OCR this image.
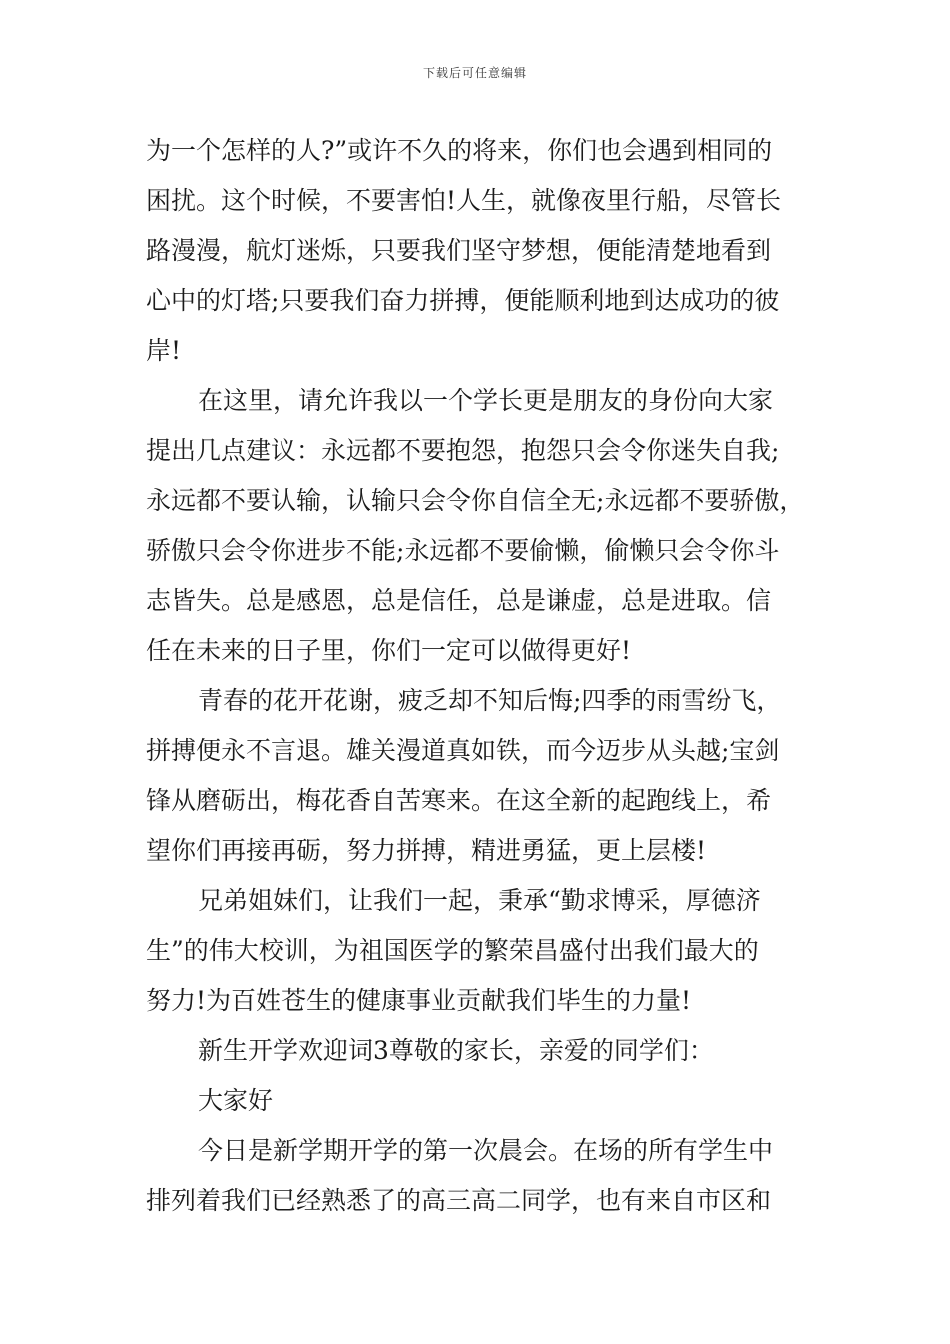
下载后可任意编辑
为一个怎样的人?”或许不久的将来，你们也会遇到相同的
困扰。这个时候，不要害怕!人生，就像夜里行船，尽管长
路漫漫，航灯迷烁，只要我们坚守梦想，便能清楚地看到
心中的灯塔;只要我们奋力拼搏，便能顺利地到达成功的彼
岸!
在这里，请允许我以一个学长更是朋友的身份向大家
提出几点建议：永远都不要抱怨，抱怨只会令你迷失自我;
永远都不要认输，认输只会令你自信全无;永远都不要骄傲，
骄傲只会令你进步不能;永远都不要偷懒，偷懒只会令你斗
志皆失。总是感恩，总是信任，总是谦虚，总是进取。信
任在未来的日子里，你们一定可以做得更好!
青春的花开花谢，疲乏却不知后悔;四季的雨雪纷飞，
拼搏便永不言退。雄关漫道真如铁，而今迈步从头越;宝剑
锋从磨砺出，梅花香自苦寒来。在这全新的起跑线上，希
望你们再接再砺，努力拼搏，精进勇猛，更上层楼!
兄弟姐妹们，让我们一起，秉承“勤求博采，厚德济
生”的伟大校训，为祖国医学的繁荣昌盛付出我们最大的
努力!为百姓苍生的健康事业贡献我们毕生的力量!
新生开学欢迎词3尊敬的家长，亲爱的同学们：
大家好
今日是新学期开学的第一次晨会。在场的所有学生中
排列着我们已经熟悉了的高三高二同学，也有来自市区和
